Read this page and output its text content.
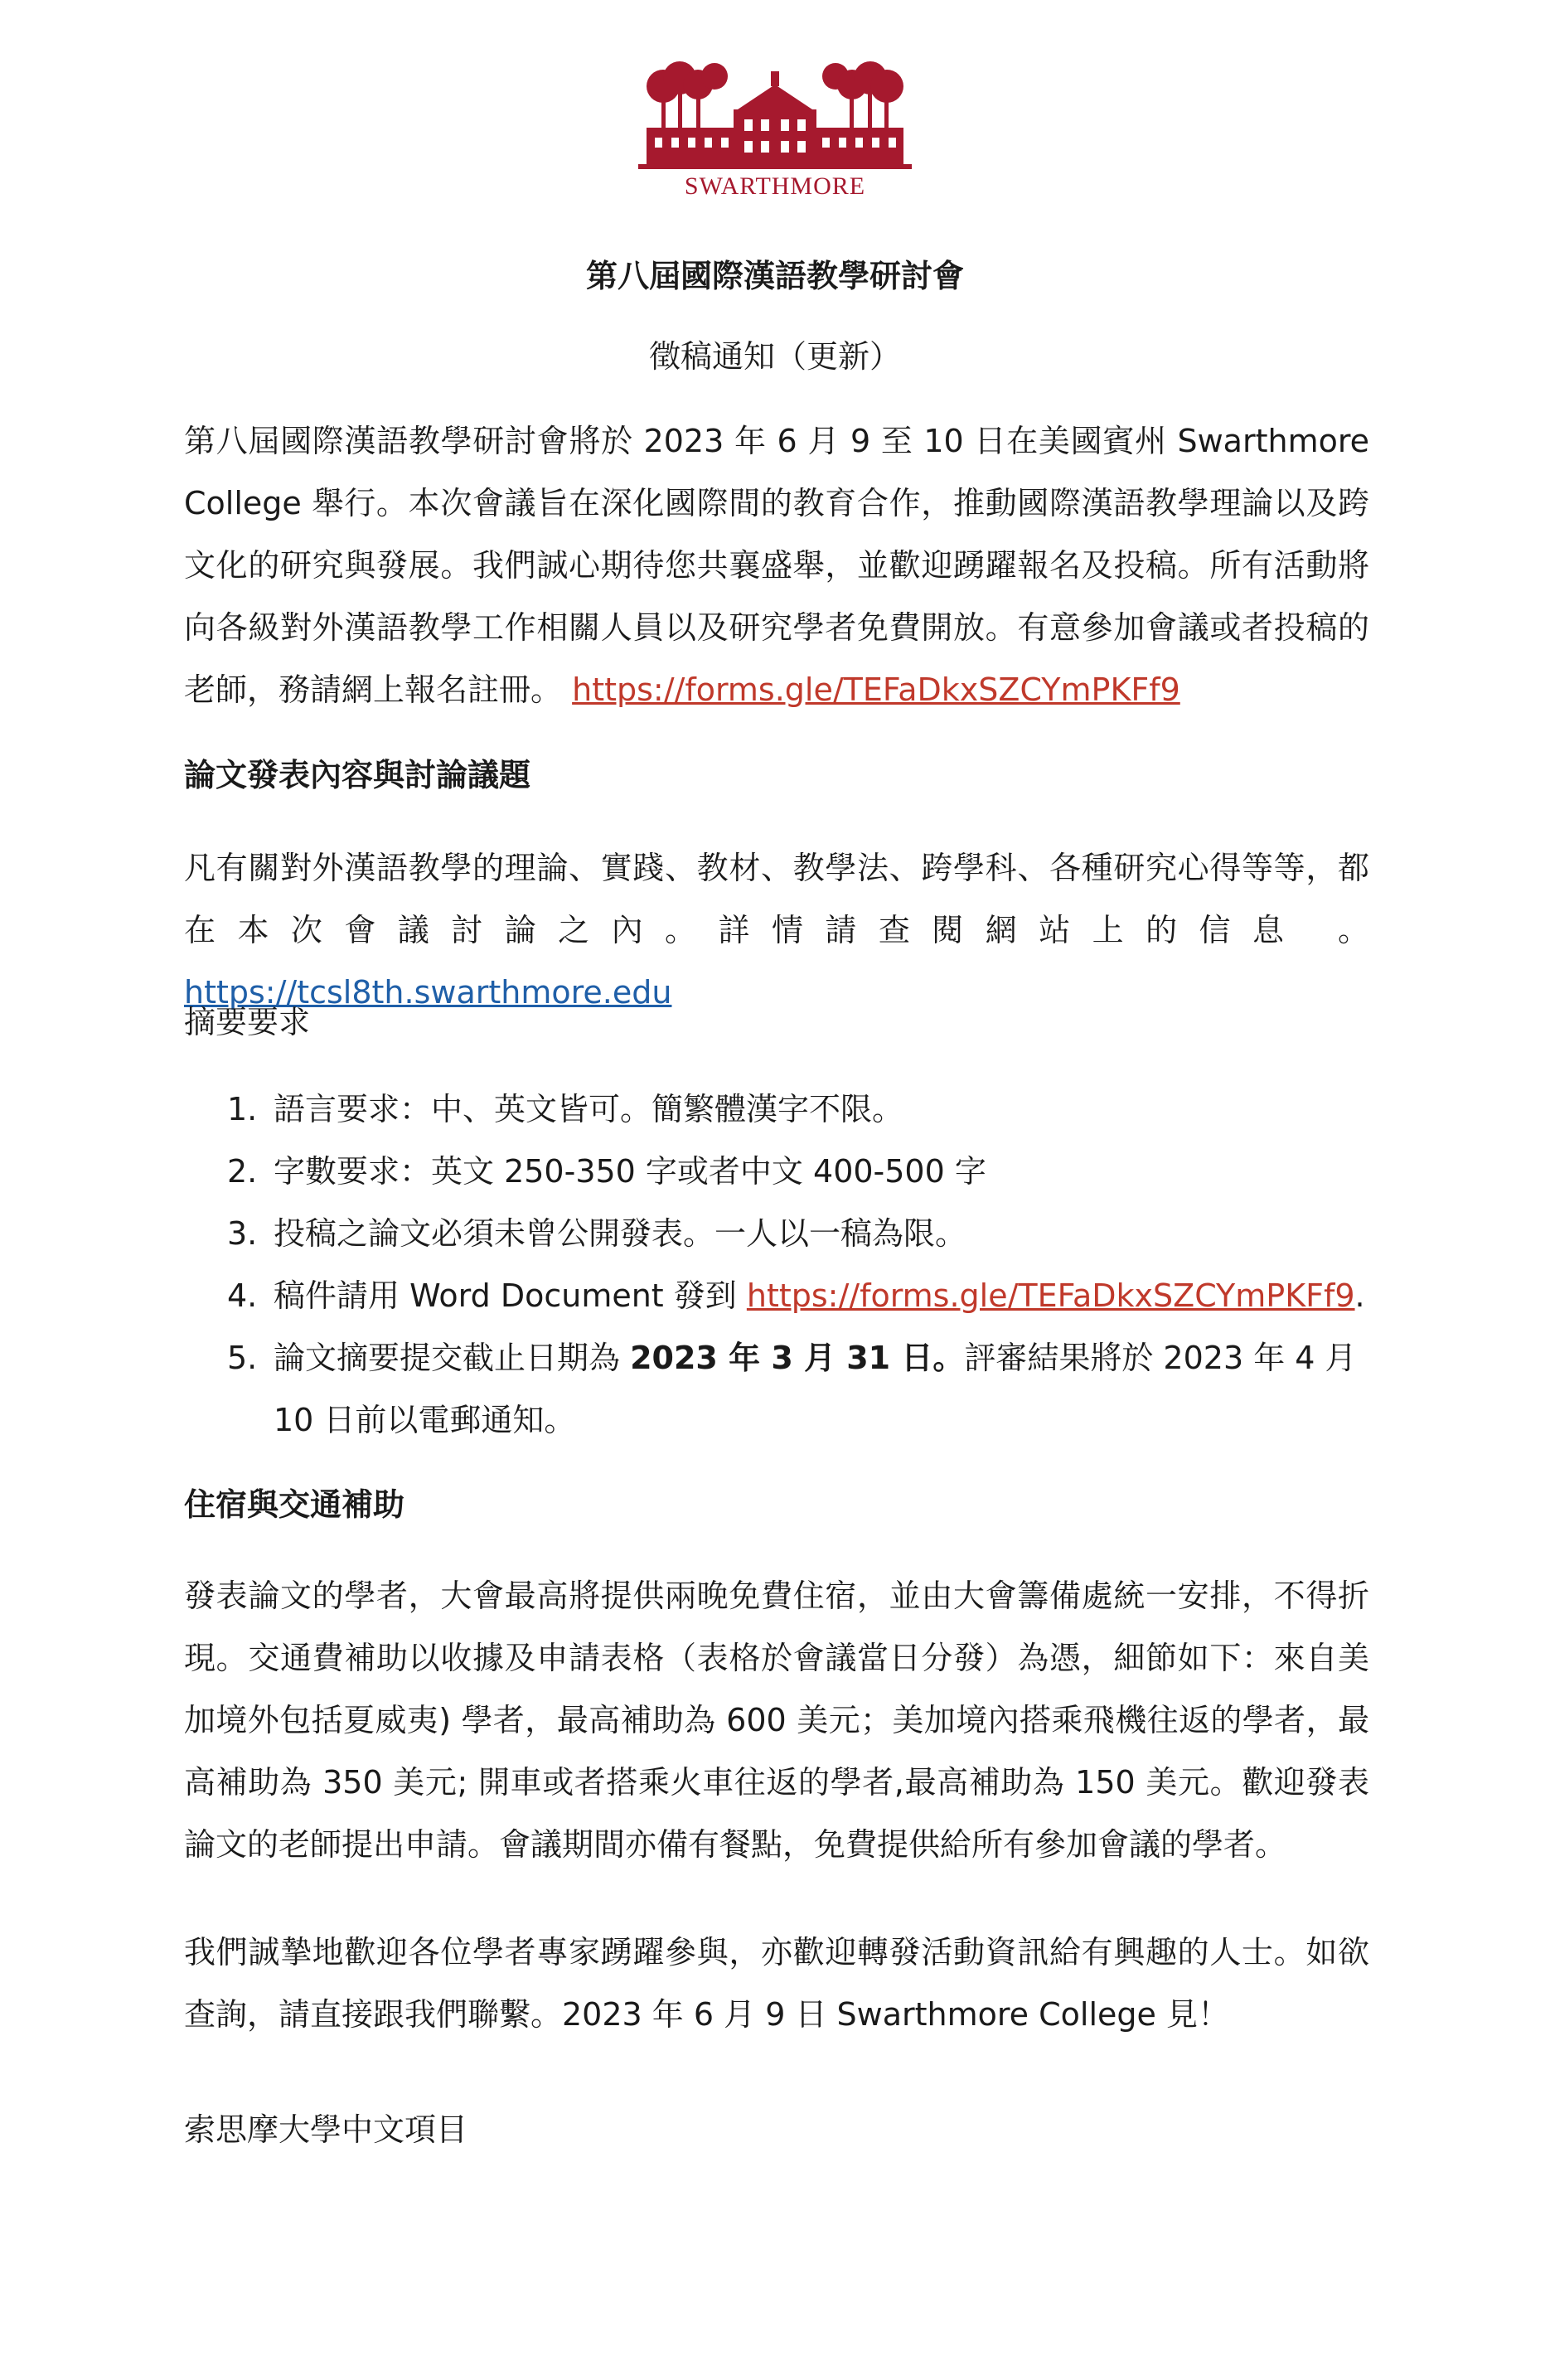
SWARTHMORE
第八屆國際漢語教學研討會
徵稿通知（更新）

第八屆國際漢語教學研討會將於 2023 年 6 月 9 至 10 日在美國賓州 Swarthmore College 舉行。本次會議旨在深化國際間的教育合作，推動國際漢語教學理論以及跨文化的研究與發展。我們誠心期待您共襄盛舉，並歡迎踴躍報名及投稿。所有活動將向各級對外漢語教學工作相關人員以及研究學者免費開放。有意參加會議或者投稿的老師，務請網上報名註冊。 https://forms.gle/TEFaDkxSZCYmPKFf9

論文發表內容與討論議題

凡有關對外漢語教學的理論、實踐、教材、教學法、跨學科、各種研究心得等等，都在本次會議討論之內。詳情請查閱網站上的信息 。https://tcsl8th.swarthmore.edu

摘要要求

1. 語言要求：中、英文皆可。簡繁體漢字不限。
2. 字數要求：英文 250-350 字或者中文 400-500 字
3. 投稿之論文必須未曾公開發表。一人以一稿為限。
4. 稿件請用 Word Document 發到 https://forms.gle/TEFaDkxSZCYmPKFf9.
5. 論文摘要提交截止日期為 2023 年 3 月 31 日。評審結果將於 2023 年 4 月 10 日前以電郵通知。
住宿與交通補助

發表論文的學者，大會最高將提供兩晚免費住宿，並由大會籌備處統一安排，不得折現。交通費補助以收據及申請表格（表格於會議當日分發）為憑，細節如下：來自美加境外包括夏威夷) 學者，最高補助為 600 美元；美加境內搭乘飛機往返的學者，最高補助為 350 美元; 開車或者搭乘火車往返的學者,最高補助為 150 美元。歡迎發表論文的老師提出申請。會議期間亦備有餐點，免費提供給所有參加會議的學者。

我們誠摯地歡迎各位學者專家踴躍參與，亦歡迎轉發活動資訊給有興趣的人士。如欲查詢，請直接跟我們聯繫。2023 年 6 月 9 日 Swarthmore College 見！

索思摩大學中文項目
